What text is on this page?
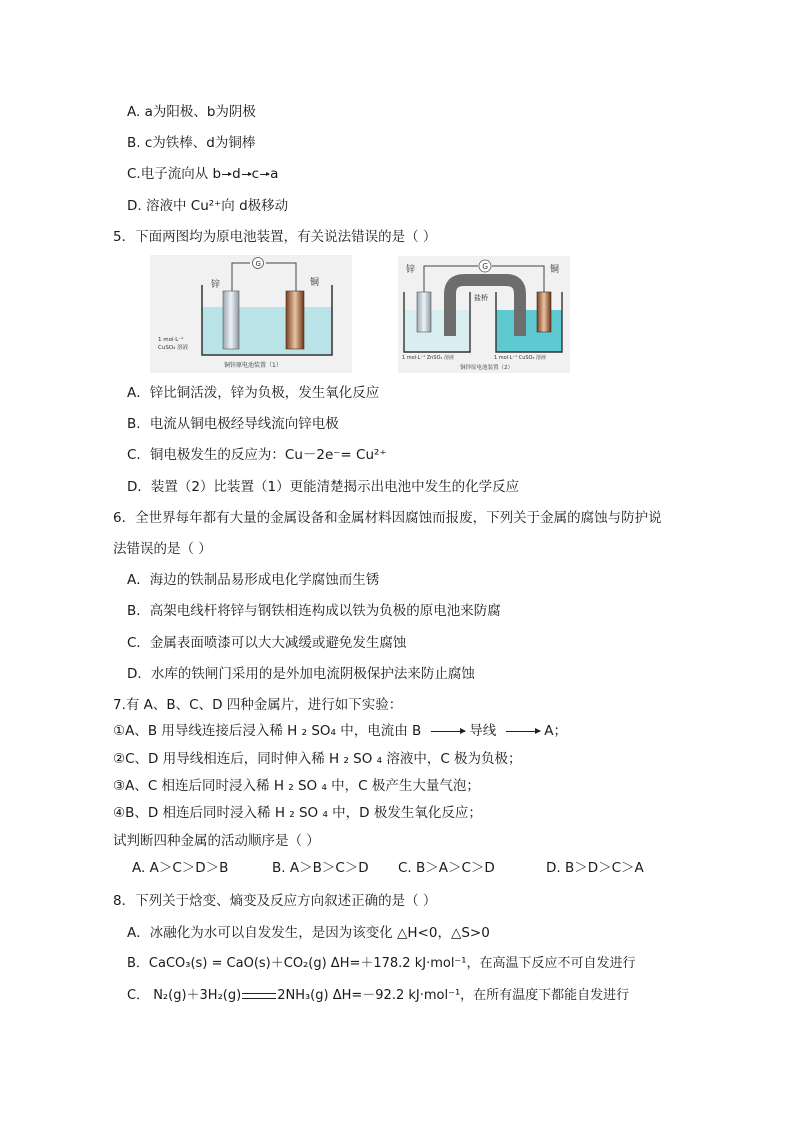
A. a为阳极、b为阴极
B. c为铁棒、d为铜棒
C.电子流向从 b d c a
D. 溶液中 Cu²⁺向 d极移动
5．下面两图均为原电池装置，有关说法错误的是（ ）
G
锌	铜
1 mol·L⁻¹
CuSO₄ 溶液
铜锌原电池装置（1）
盐桥
G
锌	铜
1 mol·L⁻¹ ZnSO₄ 溶液	1 mol·L⁻¹ CuSO₄ 溶液
铜锌原电池装置（2）
A．锌比铜活泼，锌为负极，发生氧化反应
B．电流从铜电极经导线流向锌电极
C．铜电极发生的反应为：Cu－2e⁻= Cu²⁺
D．装置（2）比装置（1）更能清楚揭示出电池中发生的化学反应
6．全世界每年都有大量的金属设备和金属材料因腐蚀而报废，下列关于金属的腐蚀与防护说
法错误的是（ ）
A．海边的铁制品易形成电化学腐蚀而生锈
B．高架电线杆将锌与钢铁相连构成以铁为负极的原电池来防腐
C．金属表面喷漆可以大大减缓或避免发生腐蚀
D．水库的铁闸门采用的是外加电流阴极保护法来防止腐蚀
7.有 A、B、C、D 四种金属片，进行如下实验：
①A、B 用导线连接后浸入稀 H ₂ SO₄ 中，电流由 B	导线	A；
②C、D 用导线相连后，同时伸入稀 H ₂ SO ₄ 溶液中，C 极为负极；
③A、C 相连后同时浸入稀 H ₂ SO ₄ 中，C 极产生大量气泡；
④B、D 相连后同时浸入稀 H ₂ SO ₄ 中，D 极发生氧化反应；
试判断四种金属的活动顺序是（ ）
A. A＞C＞D＞B	B. A＞B＞C＞D C. B＞A＞C＞D	D. B＞D＞C＞A
8．下列关于焓变、熵变及反应方向叙述正确的是（ ）
A．冰融化为水可以自发发生，是因为该变化 △H<0，△S>0
B．CaCO₃(s) = CaO(s)＋CO₂(g) ΔH=＋178.2 kJ·mol⁻¹，在高温下反应不可自发进行
C． N₂(g)＋3H₂(g)	2NH₃(g) ΔH=－92.2 kJ·mol⁻¹，在所有温度下都能自发进行
